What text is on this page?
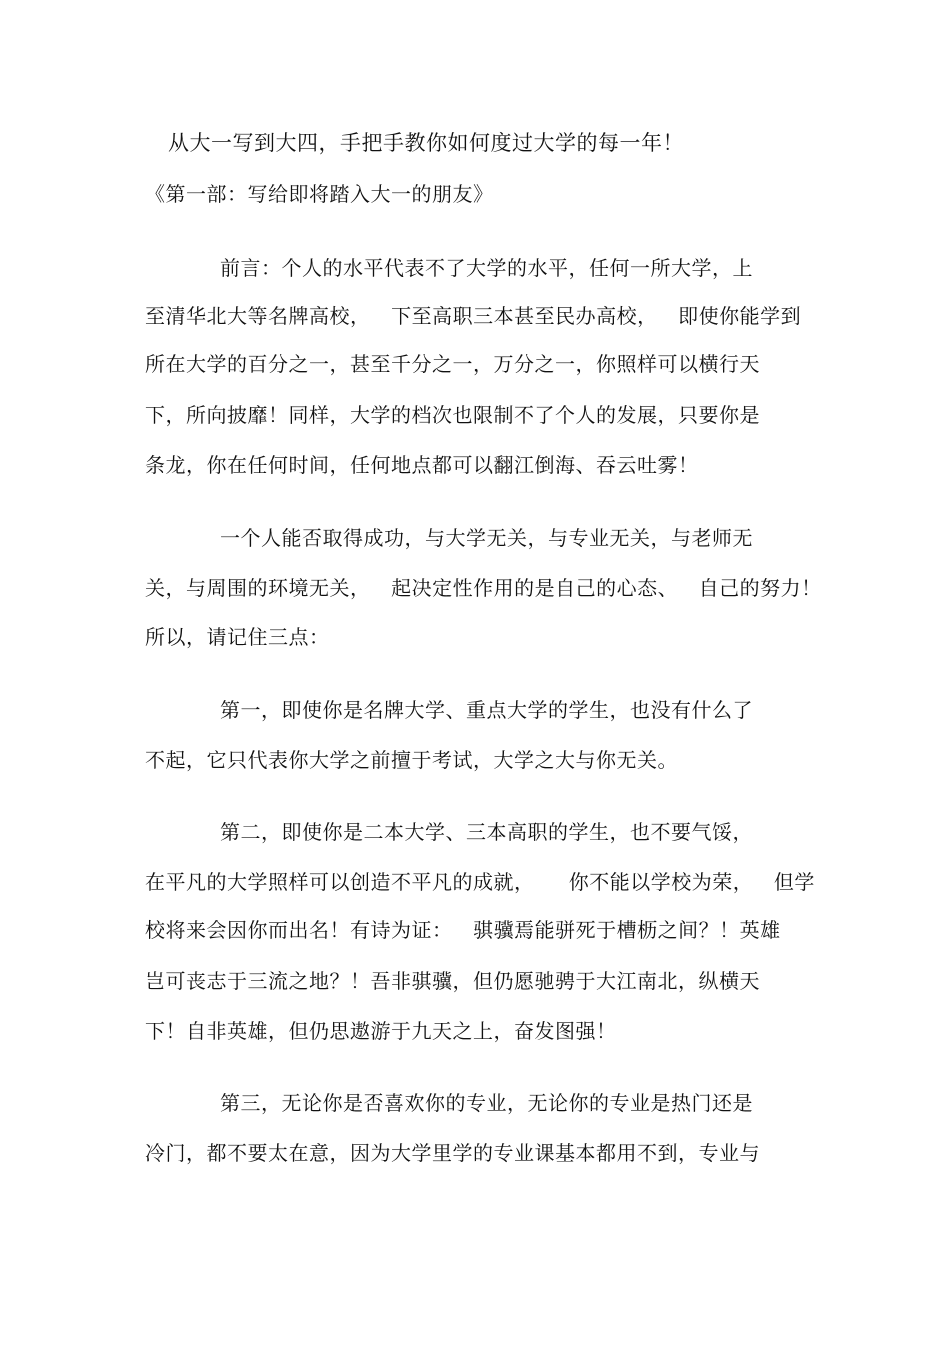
从大一写到大四，手把手教你如何度过大学的每一年！
《第一部：写给即将踏入大一的朋友》
前言：个人的水平代表不了大学的水平，任何一所大学，上
至清华北大等名牌高校，   下至高职三本甚至民办高校，   即使你能学到
所在大学的百分之一，甚至千分之一，万分之一，你照样可以横行天
下，所向披靡！同样，大学的档次也限制不了个人的发展，只要你是
条龙，你在任何时间，任何地点都可以翻江倒海、吞云吐雾！
一个人能否取得成功，与大学无关，与专业无关，与老师无
关，与周围的环境无关，   起决定性作用的是自己的心态、   自己的努力！
所以，请记住三点：
第一，即使你是名牌大学、重点大学的学生，也没有什么了
不起，它只代表你大学之前擅于考试，大学之大与你无关。
第二，即使你是二本大学、三本高职的学生，也不要气馁，
在平凡的大学照样可以创造不平凡的成就，     你不能以学校为荣，   但学
校将来会因你而出名！有诗为证：   骐骥焉能骈死于槽枥之间？！英雄
岂可丧志于三流之地？！吾非骐骥，但仍愿驰骋于大江南北，纵横天
下！自非英雄，但仍思遨游于九天之上，奋发图强！
第三，无论你是否喜欢你的专业，无论你的专业是热门还是
冷门，都不要太在意，因为大学里学的专业课基本都用不到，专业与
